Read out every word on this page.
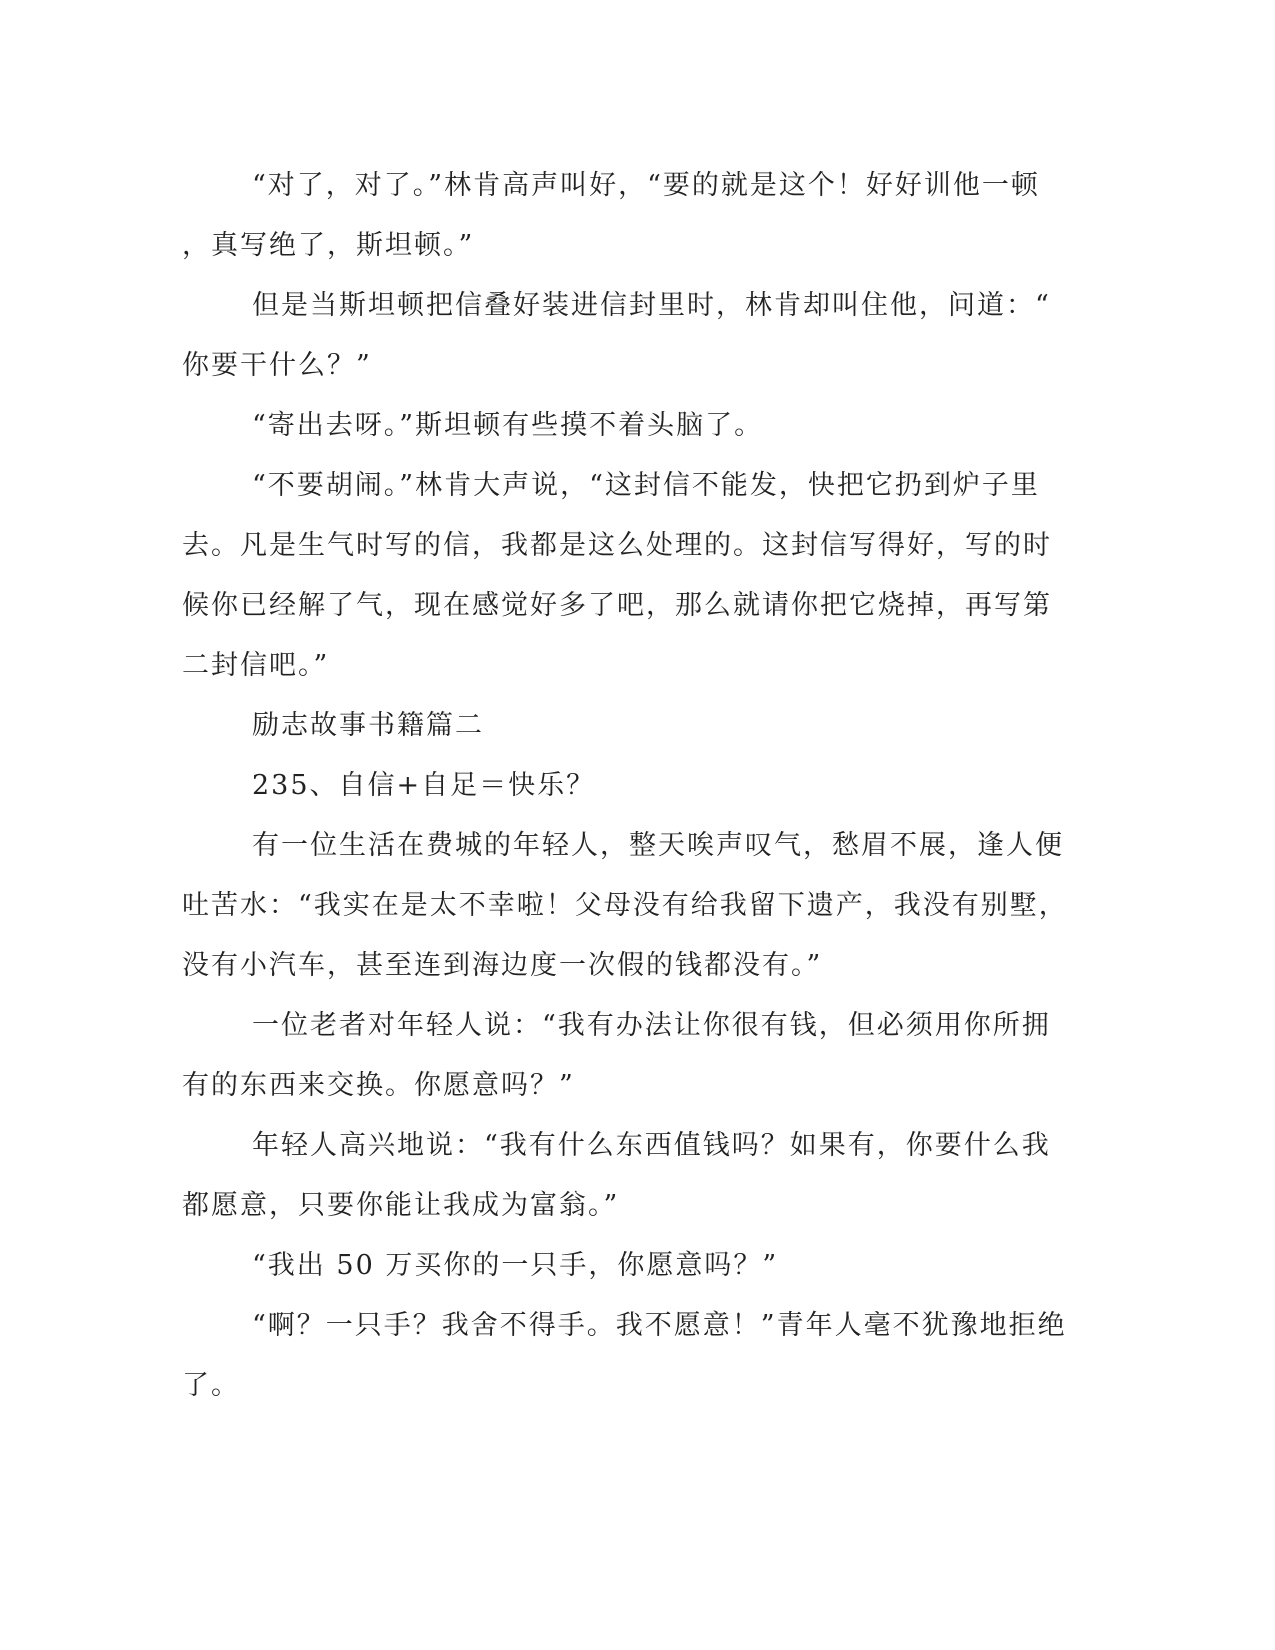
“对了，对了。”林肯高声叫好，“要的就是这个！好好训他一顿
，真写绝了，斯坦顿。”
但是当斯坦顿把信叠好装进信封里时，林肯却叫住他，问道：“
你要干什么？”
“寄出去呀。”斯坦顿有些摸不着头脑了。
“不要胡闹。”林肯大声说，“这封信不能发，快把它扔到炉子里
去。凡是生气时写的信，我都是这么处理的。这封信写得好，写的时
候你已经解了气，现在感觉好多了吧，那么就请你把它烧掉，再写第
二封信吧。”
励志故事书籍篇二
235、自信+自足＝快乐？
有一位生活在费城的年轻人，整天唉声叹气，愁眉不展，逢人便
吐苦水：“我实在是太不幸啦！父母没有给我留下遗产，我没有别墅，
没有小汽车，甚至连到海边度一次假的钱都没有。”
一位老者对年轻人说：“我有办法让你很有钱，但必须用你所拥
有的东西来交换。你愿意吗？”
年轻人高兴地说：“我有什么东西值钱吗？如果有，你要什么我
都愿意，只要你能让我成为富翁。”
“我出 50 万买你的一只手，你愿意吗？”
“啊？一只手？我舍不得手。我不愿意！”青年人毫不犹豫地拒绝
了。
